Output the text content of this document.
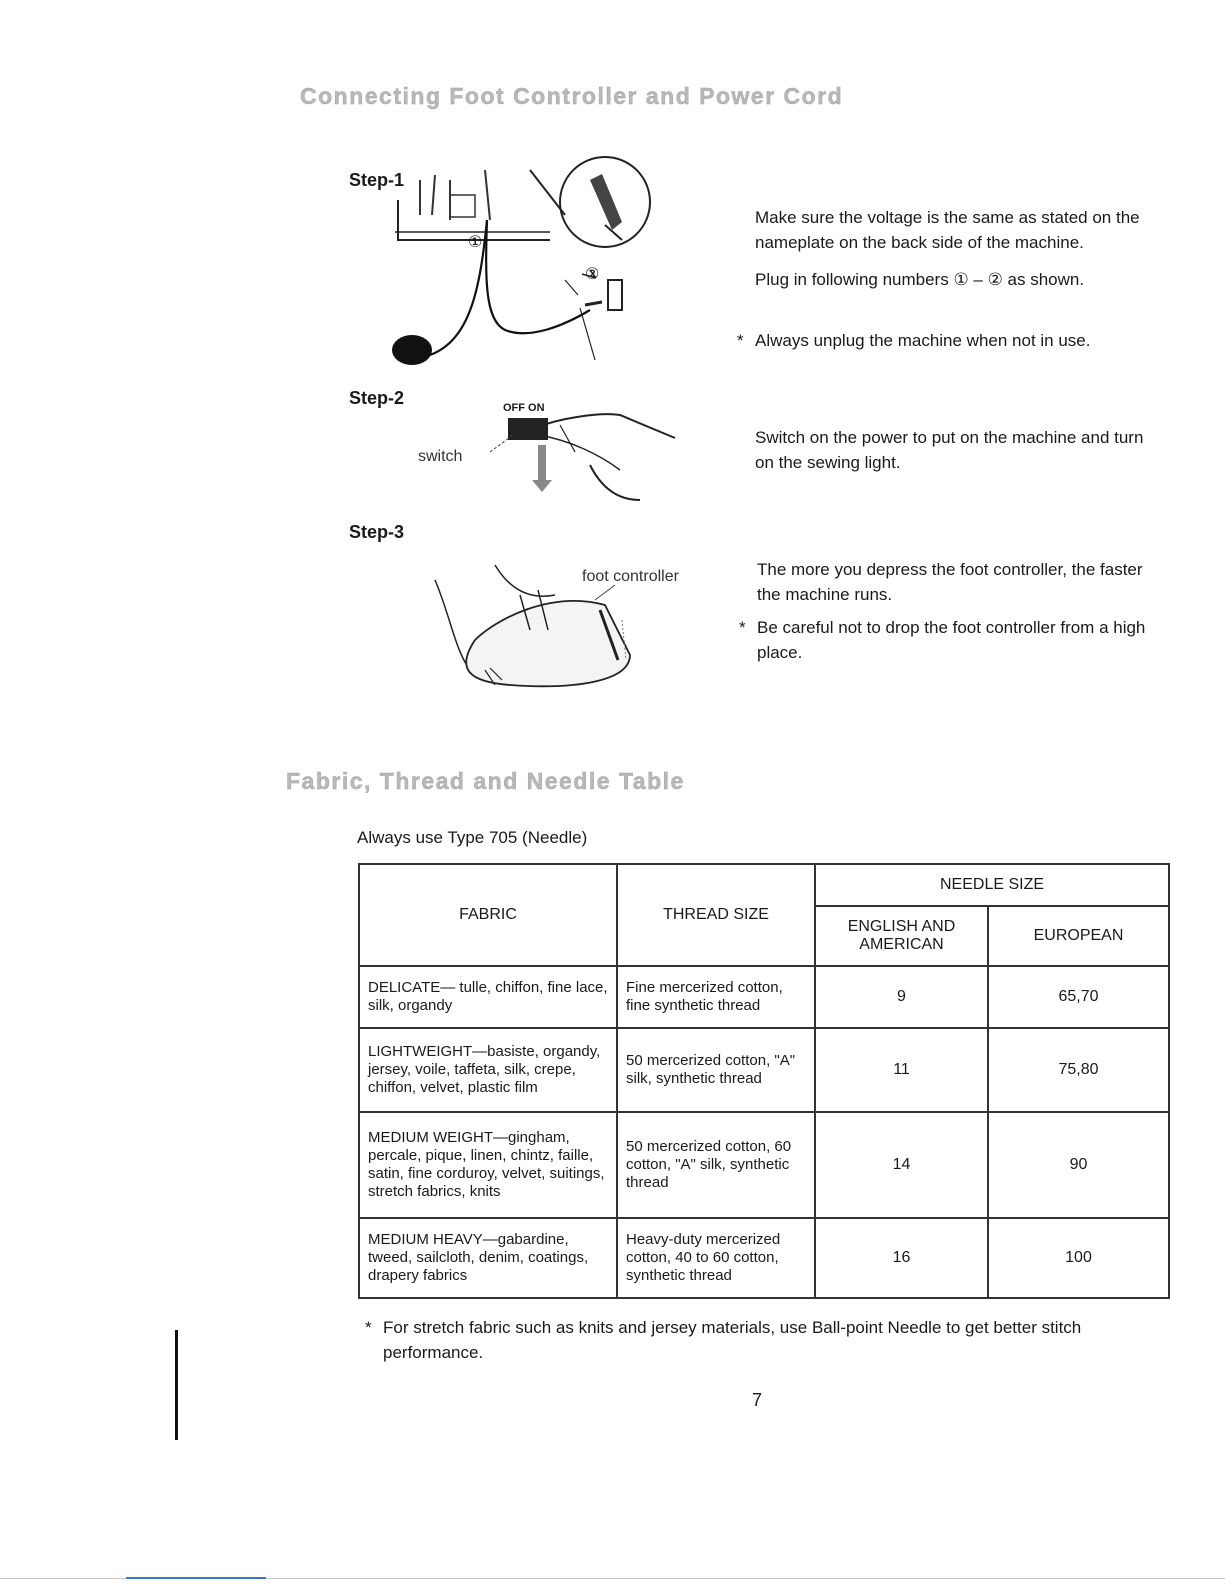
Connecting Foot Controller and Power Cord
Step-1
①
②

Make sure the voltage is the same as stated on the nameplate on the back side of the machine.

Plug in following numbers ① – ② as shown.

* Always unplug the machine when not in use.
Step-2	OFF ON
switch

Switch on the power to put on the machine and turn on the sewing light.

Step-3
foot controller	The more you depress the foot controller, the faster the machine runs.

* Be careful not to drop the foot controller from a high place.
Fabric, Thread and Needle Table
Always use Type 705 (Needle)
FABRIC	THREAD SIZE	NEEDLE SIZE	
		ENGLISH AND AMERICAN	EUROPEAN
DELICATE— tulle, chiffon, fine lace, silk, organdy	Fine mercerized cotton, fine synthetic thread	9	65,70
LIGHTWEIGHT—basiste, organdy, jersey, voile, taffeta, silk, crepe, chiffon, velvet, plastic film	50 mercerized cotton, "A" silk, synthetic thread	11	75,80
MEDIUM WEIGHT—gingham, percale, pique, linen, chintz, faille, satin, fine corduroy, velvet, suitings, stretch fabrics, knits	50 mercerized cotton, 60 cotton, "A" silk, synthetic thread	14	90
MEDIUM HEAVY—gabardine, tweed, sailcloth, denim, coatings, drapery fabrics	Heavy-duty mercerized cotton, 40 to 60 cotton, synthetic thread	16	100
* For stretch fabric such as knits and jersey materials, use Ball-point Needle to get better stitch performance.
7
